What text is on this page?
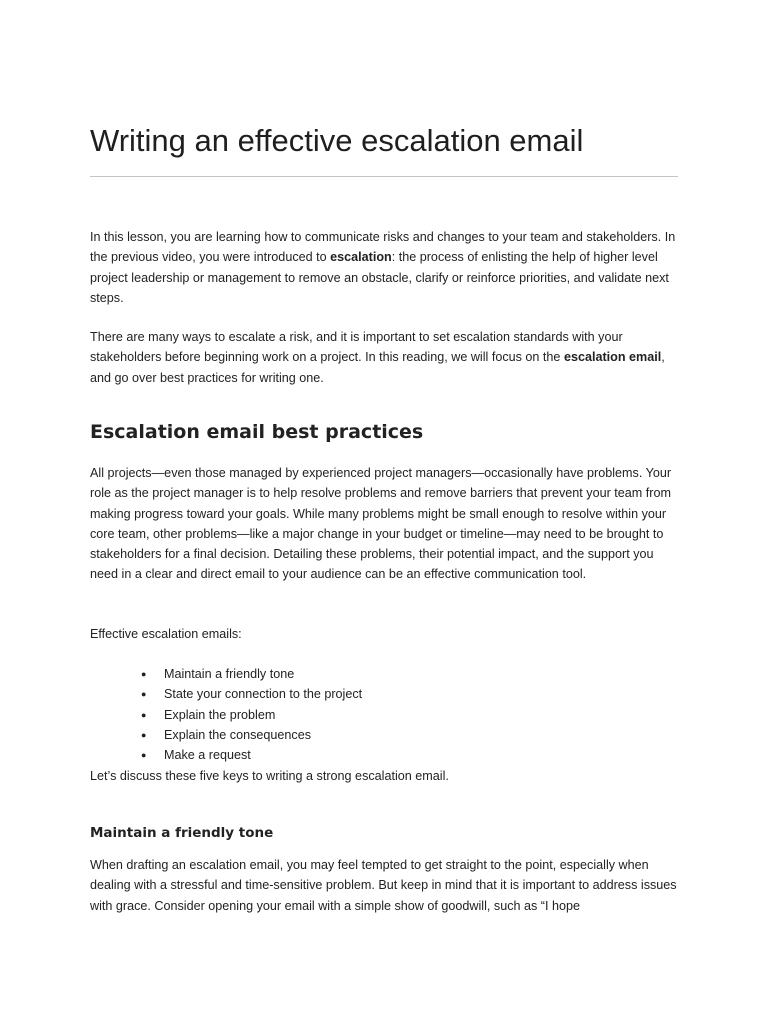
Writing an effective escalation email

In this lesson, you are learning how to communicate risks and changes to your team and stakeholders. In the previous video, you were introduced to escalation: the process of enlisting the help of higher level project leadership or management to remove an obstacle, clarify or reinforce priorities, and validate next steps.

There are many ways to escalate a risk, and it is important to set escalation standards with your stakeholders before beginning work on a project. In this reading, we will focus on the escalation email, and go over best practices for writing one.

Escalation email best practices

All projects—even those managed by experienced project managers—occasionally have problems. Your role as the project manager is to help resolve problems and remove barriers that prevent your team from making progress toward your goals. While many problems might be small enough to resolve within your core team, other problems—like a major change in your budget or timeline—may need to be brought to stakeholders for a final decision. Detailing these problems, their potential impact, and the support you need in a clear and direct email to your audience can be an effective communication tool.

Effective escalation emails:

● Maintain a friendly tone
● State your connection to the project
● Explain the problem
● Explain the consequences
● Make a request

Let’s discuss these five keys to writing a strong escalation email.

Maintain a friendly tone

When drafting an escalation email, you may feel tempted to get straight to the point, especially when dealing with a stressful and time-sensitive problem. But keep in mind that it is important to address issues with grace. Consider opening your email with a simple show of goodwill, such as “I hope
